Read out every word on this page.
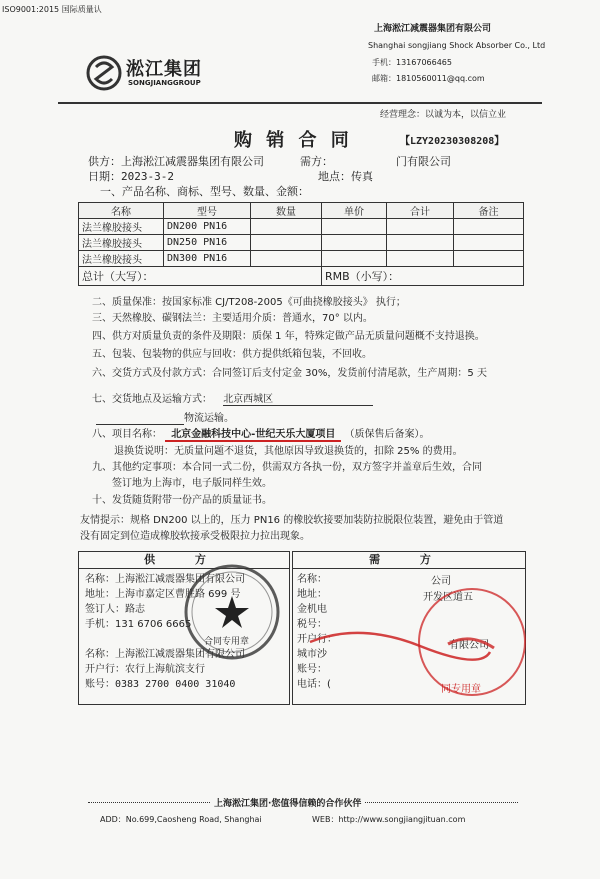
ISO9001:2015 国际质量认
上海淞江减震器集团有限公司
Shanghai songjiang Shock Absorber Co., Ltd
手机：13167066465
邮箱：1810560011@qq.com
淞江集团
SONGJIANGGROUP
经营理念：以诚为本，以信立业
购 销 合 同	【LZY20230308208】
供方：上海淞江减震器集团有限公司	需方：	门有限公司
日期：2023-3-2	地点：传真
一、产品名称、商标、型号、数量、金额：
名称	型号	数量	单价	合计	备注
法兰橡胶接头	DN200 PN16				
法兰橡胶接头	DN250 PN16				
法兰橡胶接头	DN300 PN16				
总计（大写）：			RMB（小写）：		
二、质量保准：按国家标准 CJ/T208-2005《可曲挠橡胶接头》 执行；
三、天然橡胶、碳钢法兰：主要适用介质：普通水，70° 以内。
四、供方对质量负责的条件及期限：质保 1 年，特殊定做产品无质量问题概不支持退换。
五、包装、包装物的供应与回收：供方提供纸箱包装，不回收。
六、交货方式及付款方式：合同签订后支付定金 30%，发货前付清尾款，生产周期：5 天
七、交货地点及运输方式： 北京西城区
物流运输。
八、项目名称： 北京金融科技中心-世纪天乐大厦项目 （质保售后备案）。
退换货说明：无质量问题不退货，其他原因导致退换货的，扣除 25% 的费用。
九、其他约定事项：本合同一式二份，供需双方各执一份，双方签字并盖章后生效，合同
签订地为上海市，电子版同样生效。
十、发货随货附带一份产品的质量证书。
友情提示：规格 DN200 以上的，压力 PN16 的橡胶软接要加装防拉脱限位装置，避免由于管道
没有固定到位造成橡胶软接承受极限拉力拉出现象。
供 方
名称：上海淞江减震器集团有限公司
地址：上海市嘉定区曹胜路 699 号
签订人：路志
手机：131 6706 6665
名称：上海淞江减震器集团有限公司
开户行：农行上海航滨支行
账号：0383 2700 0400 31040
合同专用章
需 方
名称：
地址：
金机电
税号：
开户行：
城市沙
账号：
电话：(
公司
开发区道五
有限公司
同专用章
上海淞江集团·您值得信赖的合作伙伴
ADD：No.699,Caosheng Road, Shanghai	WEB：http://www.songjiangjituan.com
